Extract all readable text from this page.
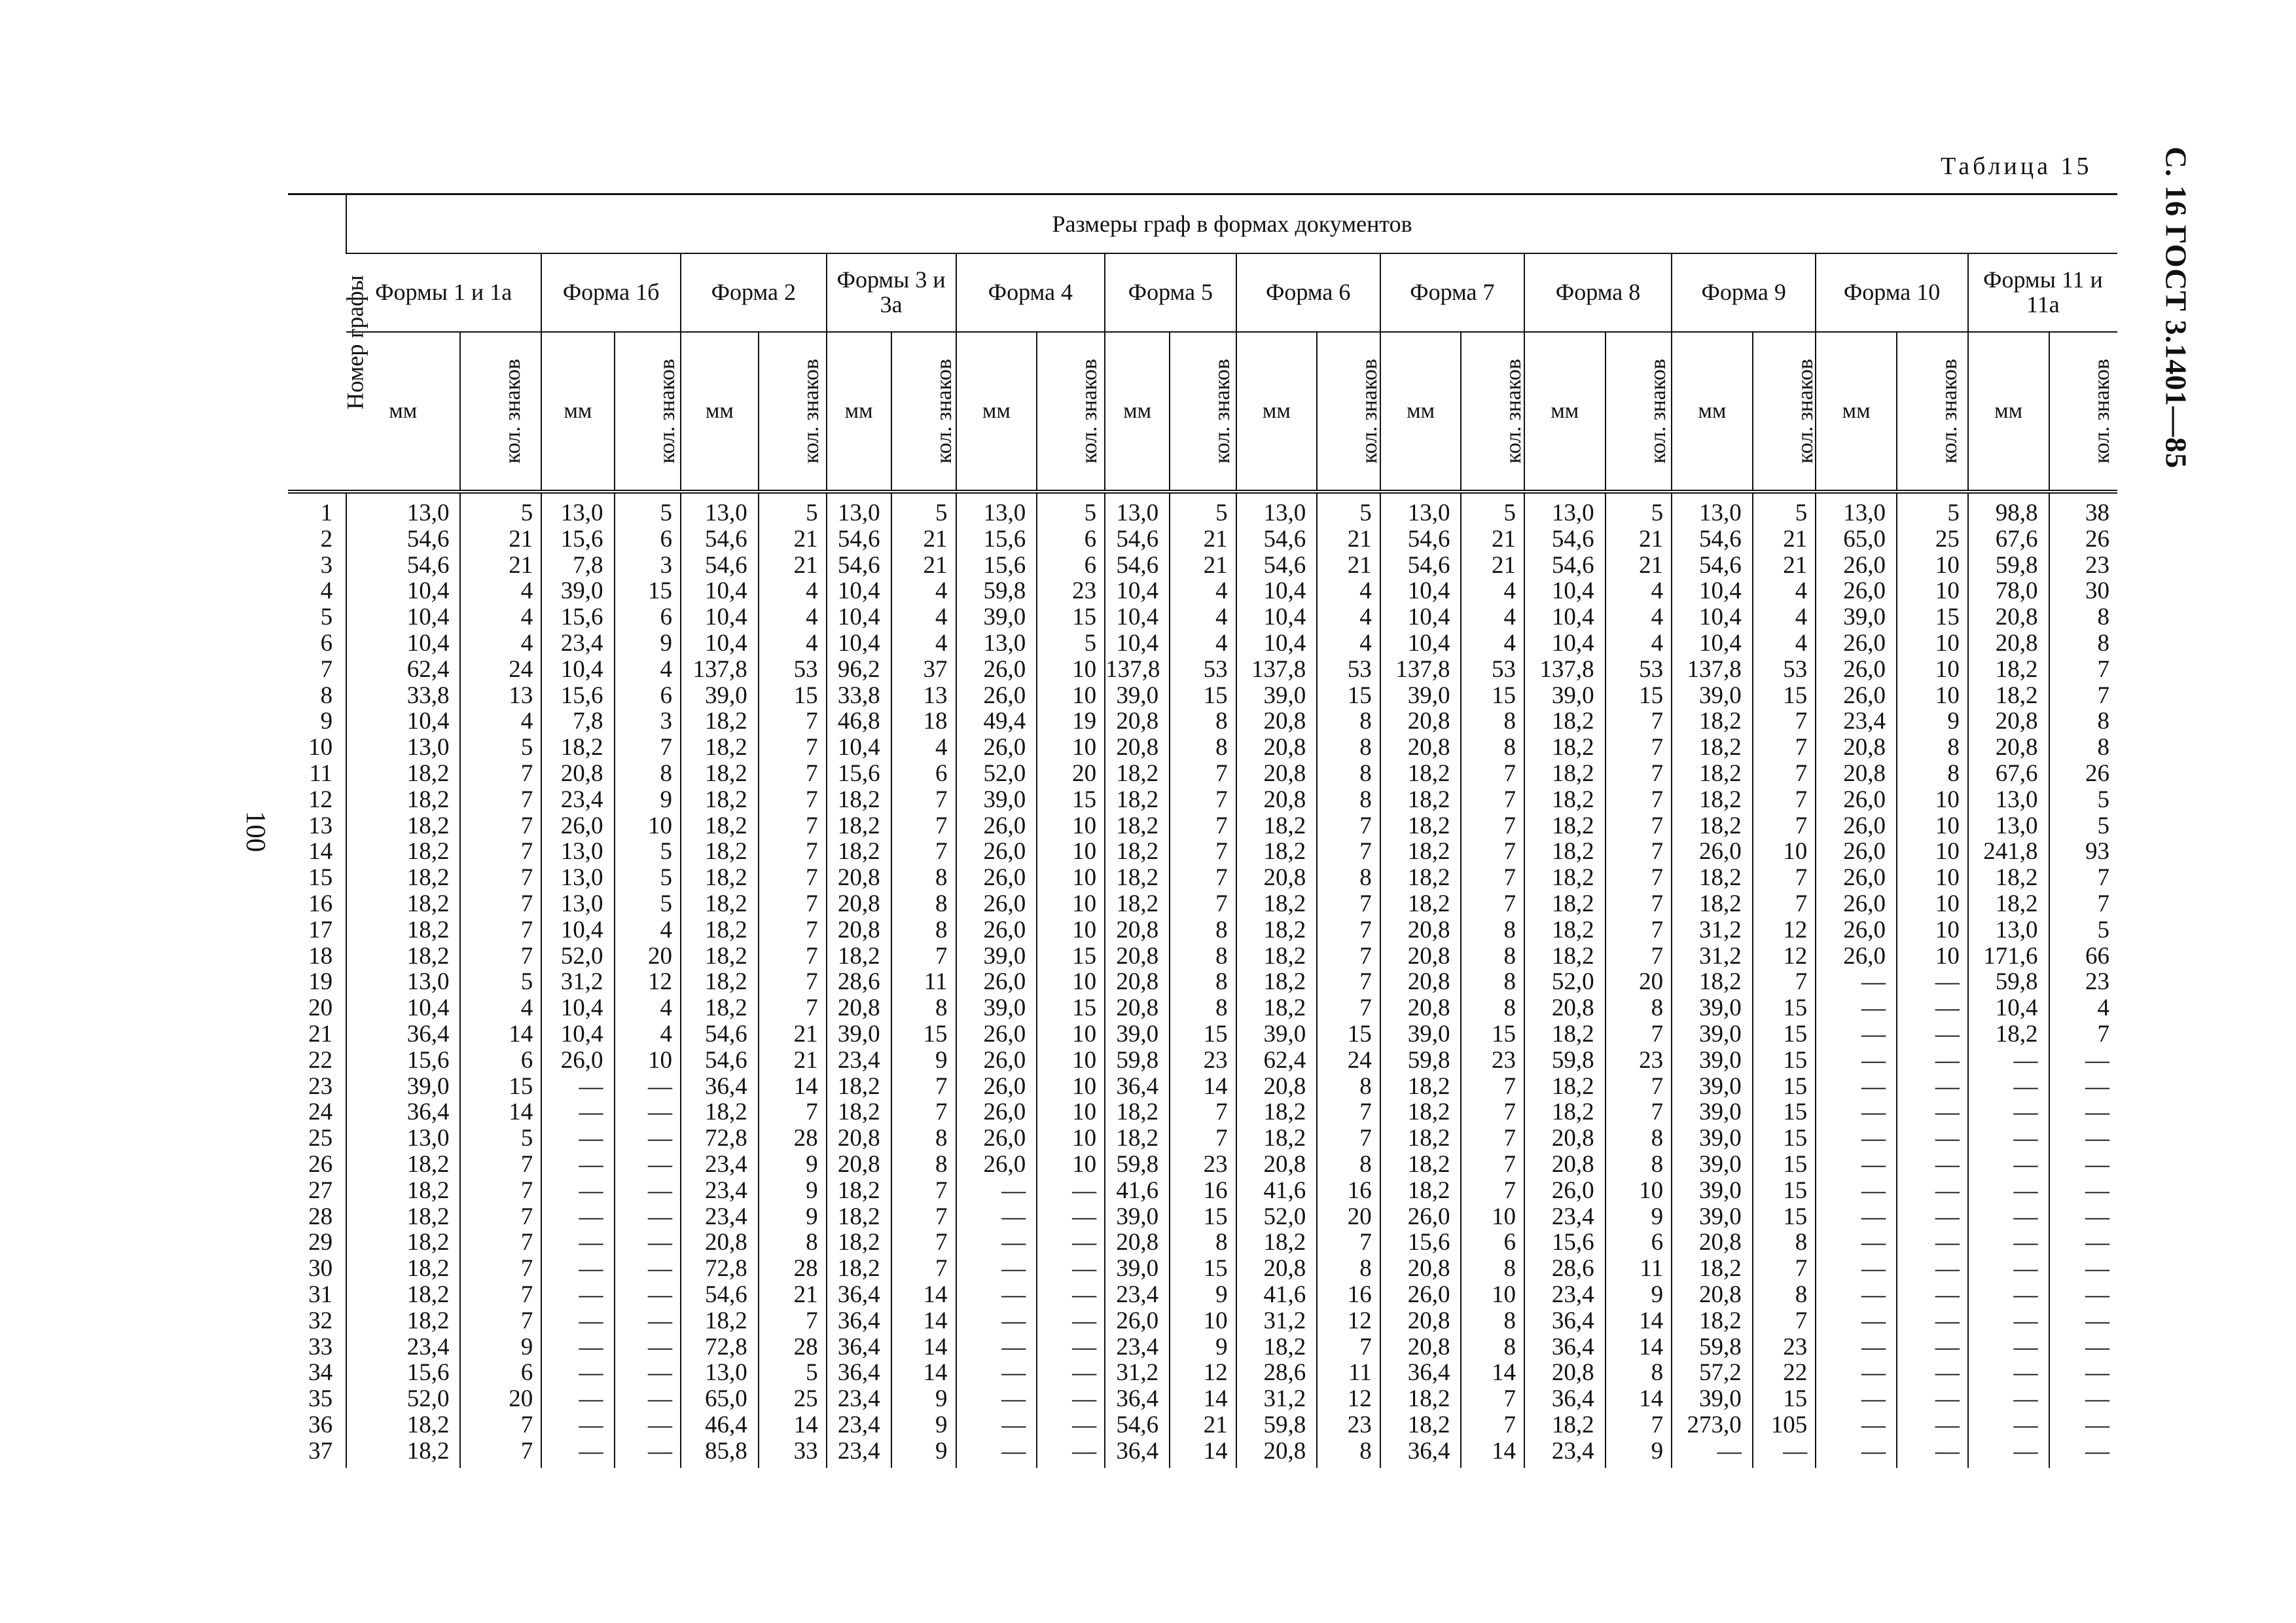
Таблица 15 С. 16 ГОСТ 3.1401—85
100
Номер графы	Размеры граф в формах документов																							
	Формы 1 и 1а		Форма 1б		Форма 2		Формы 3 и 3а		Форма 4		Форма 5		Форма 6		Форма 7		Форма 8		Форма 9		Форма 10		Формы 11 и 11а	
	мм	кол. знаков	мм	кол. знаков	мм	кол. знаков	мм	кол. знаков	мм	кол. знаков	мм	кол. знаков	мм	кол. знаков	мм	кол. знаков	мм	кол. знаков	мм	кол. знаков	мм	кол. знаков	мм	кол. знаков
1	13,0	5	13,0	5	13,0	5	13,0	5	13,0	5	13,0	5	13,0	5	13,0	5	13,0	5	13,0	5	13,0	5	98,8	38
2	54,6	21	15,6	6	54,6	21	54,6	21	15,6	6	54,6	21	54,6	21	54,6	21	54,6	21	54,6	21	65,0	25	67,6	26
3	54,6	21	7,8	3	54,6	21	54,6	21	15,6	6	54,6	21	54,6	21	54,6	21	54,6	21	54,6	21	26,0	10	59,8	23
4	10,4	4	39,0	15	10,4	4	10,4	4	59,8	23	10,4	4	10,4	4	10,4	4	10,4	4	10,4	4	26,0	10	78,0	30
5	10,4	4	15,6	6	10,4	4	10,4	4	39,0	15	10,4	4	10,4	4	10,4	4	10,4	4	10,4	4	39,0	15	20,8	8
6	10,4	4	23,4	9	10,4	4	10,4	4	13,0	5	10,4	4	10,4	4	10,4	4	10,4	4	10,4	4	26,0	10	20,8	8
7	62,4	24	10,4	4	137,8	53	96,2	37	26,0	10	137,8	53	137,8	53	137,8	53	137,8	53	137,8	53	26,0	10	18,2	7
8	33,8	13	15,6	6	39,0	15	33,8	13	26,0	10	39,0	15	39,0	15	39,0	15	39,0	15	39,0	15	26,0	10	18,2	7
9	10,4	4	7,8	3	18,2	7	46,8	18	49,4	19	20,8	8	20,8	8	20,8	8	18,2	7	18,2	7	23,4	9	20,8	8
10	13,0	5	18,2	7	18,2	7	10,4	4	26,0	10	20,8	8	20,8	8	20,8	8	18,2	7	18,2	7	20,8	8	20,8	8
11	18,2	7	20,8	8	18,2	7	15,6	6	52,0	20	18,2	7	20,8	8	18,2	7	18,2	7	18,2	7	20,8	8	67,6	26
12	18,2	7	23,4	9	18,2	7	18,2	7	39,0	15	18,2	7	20,8	8	18,2	7	18,2	7	18,2	7	26,0	10	13,0	5
13	18,2	7	26,0	10	18,2	7	18,2	7	26,0	10	18,2	7	18,2	7	18,2	7	18,2	7	18,2	7	26,0	10	13,0	5
14	18,2	7	13,0	5	18,2	7	18,2	7	26,0	10	18,2	7	18,2	7	18,2	7	18,2	7	26,0	10	26,0	10	241,8	93
15	18,2	7	13,0	5	18,2	7	20,8	8	26,0	10	18,2	7	20,8	8	18,2	7	18,2	7	18,2	7	26,0	10	18,2	7
16	18,2	7	13,0	5	18,2	7	20,8	8	26,0	10	18,2	7	18,2	7	18,2	7	18,2	7	18,2	7	26,0	10	18,2	7
17	18,2	7	10,4	4	18,2	7	20,8	8	26,0	10	20,8	8	18,2	7	20,8	8	18,2	7	31,2	12	26,0	10	13,0	5
18	18,2	7	52,0	20	18,2	7	18,2	7	39,0	15	20,8	8	18,2	7	20,8	8	18,2	7	31,2	12	26,0	10	171,6	66
19	13,0	5	31,2	12	18,2	7	28,6	11	26,0	10	20,8	8	18,2	7	20,8	8	52,0	20	18,2	7	—	—	59,8	23
20	10,4	4	10,4	4	18,2	7	20,8	8	39,0	15	20,8	8	18,2	7	20,8	8	20,8	8	39,0	15	—	—	10,4	4
21	36,4	14	10,4	4	54,6	21	39,0	15	26,0	10	39,0	15	39,0	15	39,0	15	18,2	7	39,0	15	—	—	18,2	7
22	15,6	6	26,0	10	54,6	21	23,4	9	26,0	10	59,8	23	62,4	24	59,8	23	59,8	23	39,0	15	—	—	—	—
23	39,0	15	—	—	36,4	14	18,2	7	26,0	10	36,4	14	20,8	8	18,2	7	18,2	7	39,0	15	—	—	—	—
24	36,4	14	—	—	18,2	7	18,2	7	26,0	10	18,2	7	18,2	7	18,2	7	18,2	7	39,0	15	—	—	—	—
25	13,0	5	—	—	72,8	28	20,8	8	26,0	10	18,2	7	18,2	7	18,2	7	20,8	8	39,0	15	—	—	—	—
26	18,2	7	—	—	23,4	9	20,8	8	26,0	10	59,8	23	20,8	8	18,2	7	20,8	8	39,0	15	—	—	—	—
27	18,2	7	—	—	23,4	9	18,2	7	—	—	41,6	16	41,6	16	18,2	7	26,0	10	39,0	15	—	—	—	—
28	18,2	7	—	—	23,4	9	18,2	7	—	—	39,0	15	52,0	20	26,0	10	23,4	9	39,0	15	—	—	—	—
29	18,2	7	—	—	20,8	8	18,2	7	—	—	20,8	8	18,2	7	15,6	6	15,6	6	20,8	8	—	—	—	—
30	18,2	7	—	—	72,8	28	18,2	7	—	—	39,0	15	20,8	8	20,8	8	28,6	11	18,2	7	—	—	—	—
31	18,2	7	—	—	54,6	21	36,4	14	—	—	23,4	9	41,6	16	26,0	10	23,4	9	20,8	8	—	—	—	—
32	18,2	7	—	—	18,2	7	36,4	14	—	—	26,0	10	31,2	12	20,8	8	36,4	14	18,2	7	—	—	—	—
33	23,4	9	—	—	72,8	28	36,4	14	—	—	23,4	9	18,2	7	20,8	8	36,4	14	59,8	23	—	—	—	—
34	15,6	6	—	—	13,0	5	36,4	14	—	—	31,2	12	28,6	11	36,4	14	20,8	8	57,2	22	—	—	—	—
35	52,0	20	—	—	65,0	25	23,4	9	—	—	36,4	14	31,2	12	18,2	7	36,4	14	39,0	15	—	—	—	—
36	18,2	7	—	—	46,4	14	23,4	9	—	—	54,6	21	59,8	23	18,2	7	18,2	7	273,0	105	—	—	—	—
37	18,2	7	—	—	85,8	33	23,4	9	—	—	36,4	14	20,8	8	36,4	14	23,4	9	—	—	—	—	—	—
